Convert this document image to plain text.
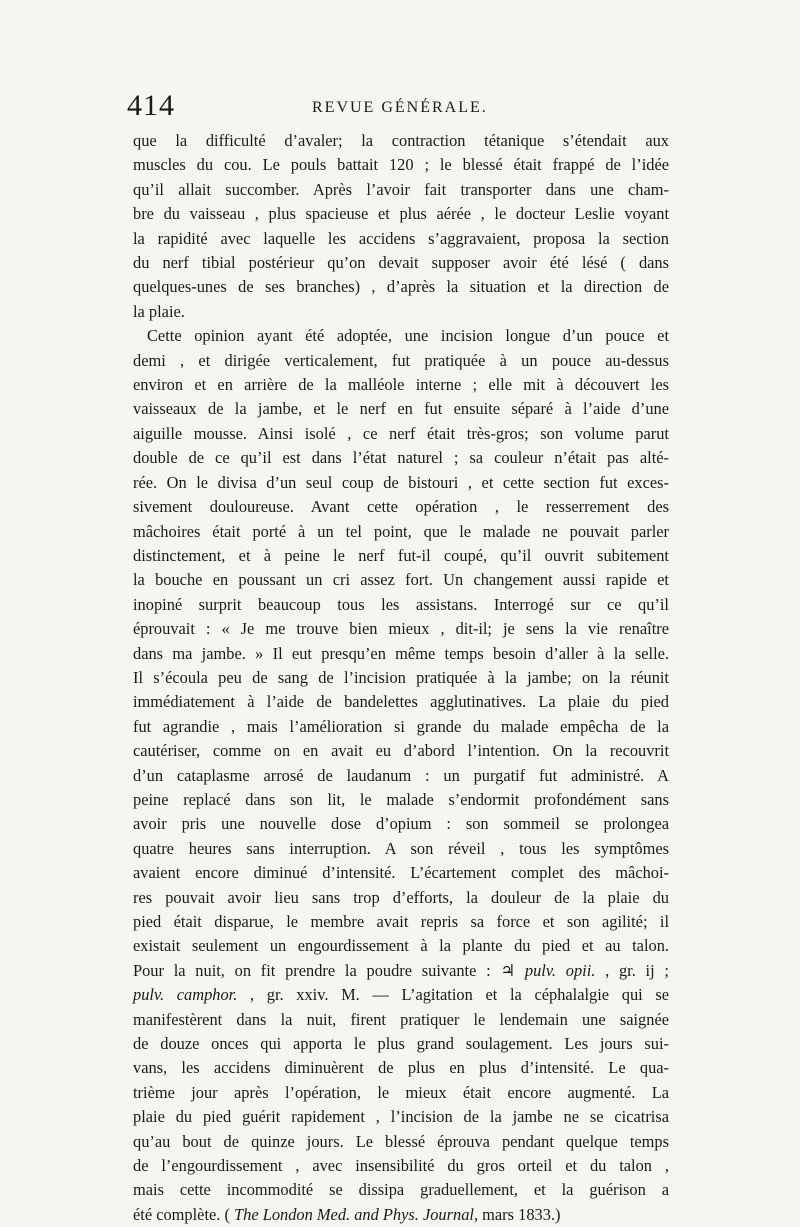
414	REVUE GÉNÉRALE.

que la difficulté d’avaler; la contraction tétanique s’étendait aux
muscles du cou. Le pouls battait 120 ; le blessé était frappé de l’idée
qu’il allait succomber. Après l’avoir fait transporter dans une cham-
bre du vaisseau , plus spacieuse et plus aérée , le docteur Leslie voyant
la rapidité avec laquelle les accidens s’aggravaient, proposa la section
du nerf tibial postérieur qu’on devait supposer avoir été lésé ( dans
quelques-unes de ses branches) , d’après la situation et la direction de
la plaie.

Cette opinion ayant été adoptée, une incision longue d’un pouce et
demi , et dirigée verticalement, fut pratiquée à un pouce au-dessus
environ et en arrière de la malléole interne ; elle mit à découvert les
vaisseaux de la jambe, et le nerf en fut ensuite séparé à l’aide d’une
aiguille mousse. Ainsi isolé , ce nerf était très-gros; son volume parut
double de ce qu’il est dans l’état naturel ; sa couleur n’était pas alté-
rée. On le divisa d’un seul coup de bistouri , et cette section fut exces-
sivement douloureuse. Avant cette opération , le resserrement des
mâchoires était porté à un tel point, que le malade ne pouvait parler
distinctement, et à peine le nerf fut-il coupé, qu’il ouvrit subitement
la bouche en poussant un cri assez fort. Un changement aussi rapide et
inopiné surprit beaucoup tous les assistans. Interrogé sur ce qu’il
éprouvait : « Je me trouve bien mieux , dit-il; je sens la vie renaître
dans ma jambe. » Il eut presqu’en même temps besoin d’aller à la selle.
Il s’écoula peu de sang de l’incision pratiquée à la jambe; on la réunit
immédiatement à l’aide de bandelettes agglutinatives. La plaie du pied
fut agrandie , mais l’amélioration si grande du malade empêcha de la
cautériser, comme on en avait eu d’abord l’intention. On la recouvrit
d’un cataplasme arrosé de laudanum : un purgatif fut administré. A
peine replacé dans son lit, le malade s’endormit profondément sans
avoir pris une nouvelle dose d’opium : son sommeil se prolongea
quatre heures sans interruption. A son réveil , tous les symptômes
avaient encore diminué d’intensité. L’écartement complet des mâchoi-
res pouvait avoir lieu sans trop d’efforts, la douleur de la plaie du
pied était disparue, le membre avait repris sa force et son agilité; il
existait seulement un engourdissement à la plante du pied et au talon.
Pour la nuit, on fit prendre la poudre suivante : ♃ pulv. opii. , gr. ij ;
pulv. camphor. , gr. xxiv. M. — L’agitation et la céphalalgie qui se
manifestèrent dans la nuit, firent pratiquer le lendemain une saignée
de douze onces qui apporta le plus grand soulagement. Les jours sui-
vans, les accidens diminuèrent de plus en plus d’intensité. Le qua-
trième jour après l’opération, le mieux était encore augmenté. La
plaie du pied guérit rapidement , l’incision de la jambe ne se cicatrisa
qu’au bout de quinze jours. Le blessé éprouva pendant quelque temps
de l’engourdissement , avec insensibilité du gros orteil et du talon ,
mais cette incommodité se dissipa graduellement, et la guérison a
été complète. ( The London Med. and Phys. Journal, mars 1833.)
